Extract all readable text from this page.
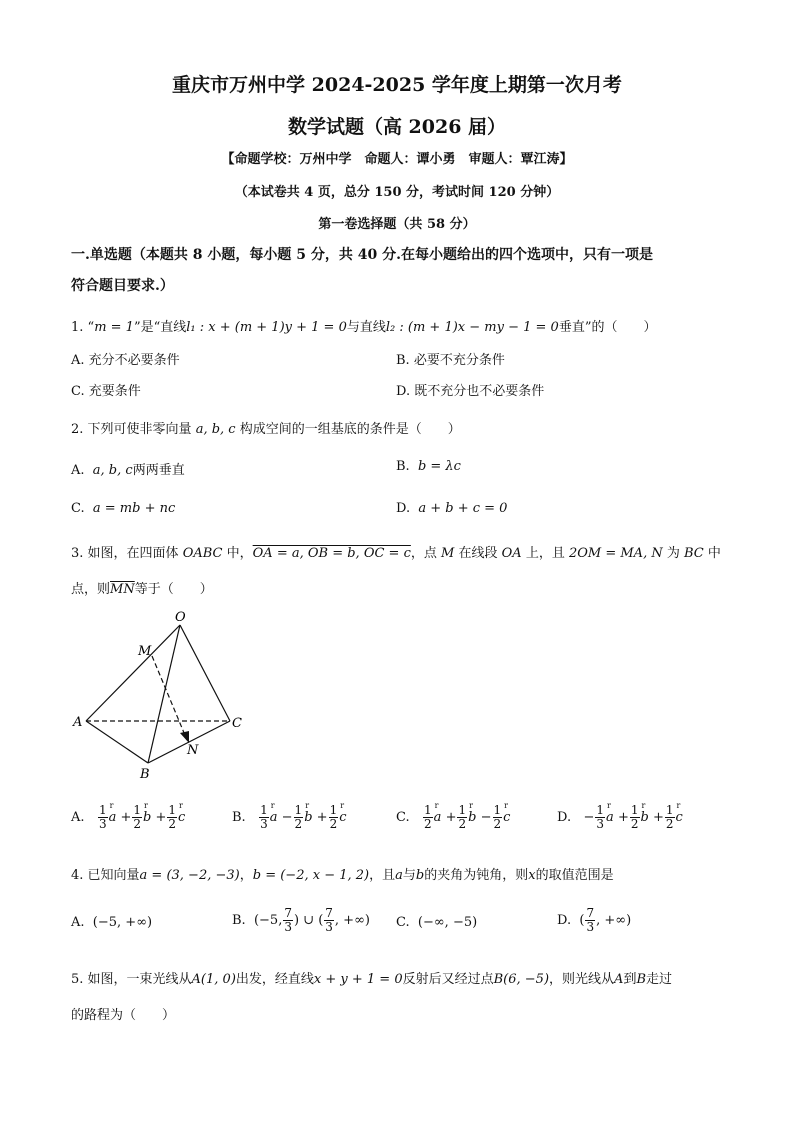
重庆市万州中学 2024-2025 学年度上期第一次月考
数学试题（高 2026 届）
【命题学校：万州中学　命题人：谭小勇　审题人：覃江涛】
（本试卷共 4 页，总分 150 分，考试时间 120 分钟）
第一卷选择题（共 58 分）
一.单选题（本题共 8 小题，每小题 5 分，共 40 分.在每小题给出的四个选项中，只有一项是
符合题目要求.）
1. “m = 1”是“直线l₁ : x + (m + 1)y + 1 = 0与直线l₂ : (m + 1)x − my − 1 = 0垂直”的（　　）
A. 充分不必要条件	B. 必要不充分条件
C. 充要条件	D. 既不充分也不必要条件
2. 下列可使非零向量 a, b, c 构成空间的一组基底的条件是（　　）
A. a, b, c两两垂直	B. b = λc
C. a = mb + nc	D. a + b + c = 0
3. 如图，在四面体 OABC 中，OA = a, OB = b, OC = c，点 M 在线段 OA 上，且 2OM = MA, N 为 BC 中
点，则$\overline{MN}$等于（　　）
O
M
A	C
N
B
A. $\frac{1}{3}$ r $a + \frac{1}{2}$ r $b + \frac{1}{2}$ r c	B. $\frac{1}{3}$ r $a - \frac{1}{2}$ r $b + \frac{1}{2}$ r c	C. $\frac{1}{2}$ r $a + \frac{1}{2}$ r $b - \frac{1}{2}$ r c	D. − $\frac{1}{3}$ r $a + \frac{1}{2}$ r $b + \frac{1}{2}$ r c
4. 已知向量a = (3, −2, −3)，b = (−2, x − 1, 2)，且a与b的夹角为钝角，则x的取值范围是
A. (−5, +∞)	B. (−5, $\frac{7}{3}$ ) ∪ ( $\frac{7}{3}$ , +∞) C. (−∞, −5)	D. ( $\frac{7}{3}$ , +∞)
5. 如图，一束光线从A(1, 0)出发，经直线x + y + 1 = 0反射后又经过点B(6, −5)，则光线从A到B走过
的路程为（　　）
